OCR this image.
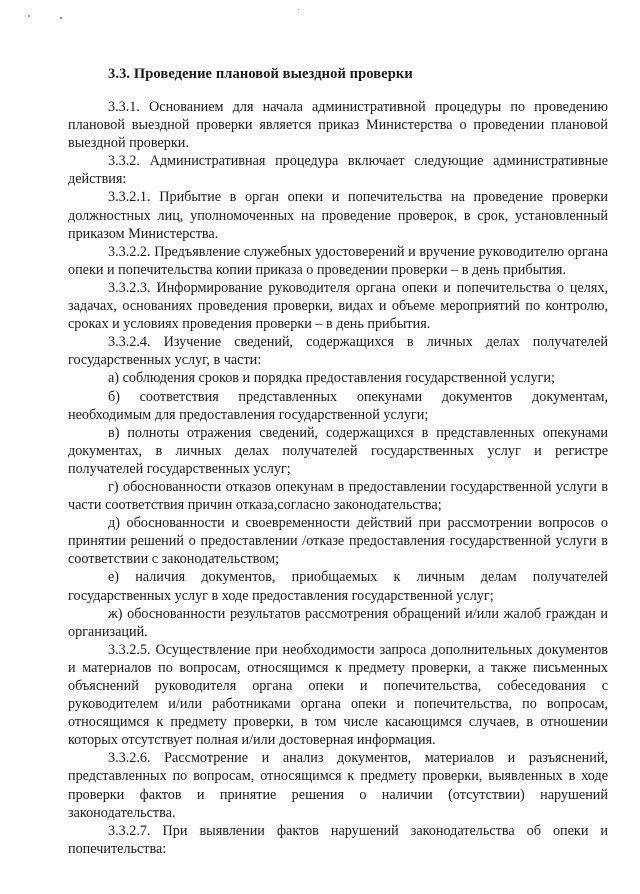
3.3. Проведение плановой выездной проверки

3.3.1. Основанием для начала административной процедуры по проведению плановой выездной проверки является приказ Министерства о проведении плановой выездной проверки.

3.3.2. Административная процедура включает следующие административные действия:

3.3.2.1. Прибытие в орган опеки и попечительства на проведение проверки должностных лиц, уполномоченных на проведение проверок, в срок, установленный приказом Министерства.

3.3.2.2. Предъявление служебных удостоверений и вручение руководителю органа опеки и попечительства копии приказа о проведении проверки – в день прибытия.

3.3.2.3. Информирование руководителя органа опеки и попечительства о целях, задачах, основаниях проведения проверки, видах и объеме мероприятий по контролю, сроках и условиях проведения проверки – в день прибытия.

3.3.2.4. Изучение сведений, содержащихся в личных делах получателей государственных услуг, в части:

а) соблюдения сроков и порядка предоставления государственной услуги;

б) соответствия представленных опекунами документов документам, необходимым для предоставления государственной услуги;

в) полноты отражения сведений, содержащихся в представленных опекунами документах, в личных делах получателей государственных услуг и регистре получателей государственных услуг;

г) обоснованности отказов опекунам в предоставлении государственной услуги в части соответствия причин отказа,согласно законодательства;

д) обоснованности и своевременности действий при рассмотрении вопросов о принятии решений о предоставлении /отказе предоставления государственной услуги в соответствии с законодательством;

е) наличия документов, приобщаемых к личным делам получателей государственных услуг в ходе предоставления государственной услуг;

ж) обоснованности результатов рассмотрения обращений и/или жалоб граждан и организаций.

3.3.2.5. Осуществление при необходимости запроса дополнительных документов и материалов по вопросам, относящимся к предмету проверки, а также письменных объяснений руководителя органа опеки и попечительства, собеседования с руководителем и/или работниками органа опеки и попечительства, по вопросам, относящимся к предмету проверки, в том числе касающимся случаев, в отношении которых отсутствует полная и/или достоверная информация.

3.3.2.6. Рассмотрение и анализ документов, материалов и разъяснений, представленных по вопросам, относящимся к предмету проверки, выявленных в ходе проверки фактов и принятие решения о наличии (отсутствии) нарушений законодательства.

3.3.2.7. При выявлении фактов нарушений законодательства об опеки и попечительства:
